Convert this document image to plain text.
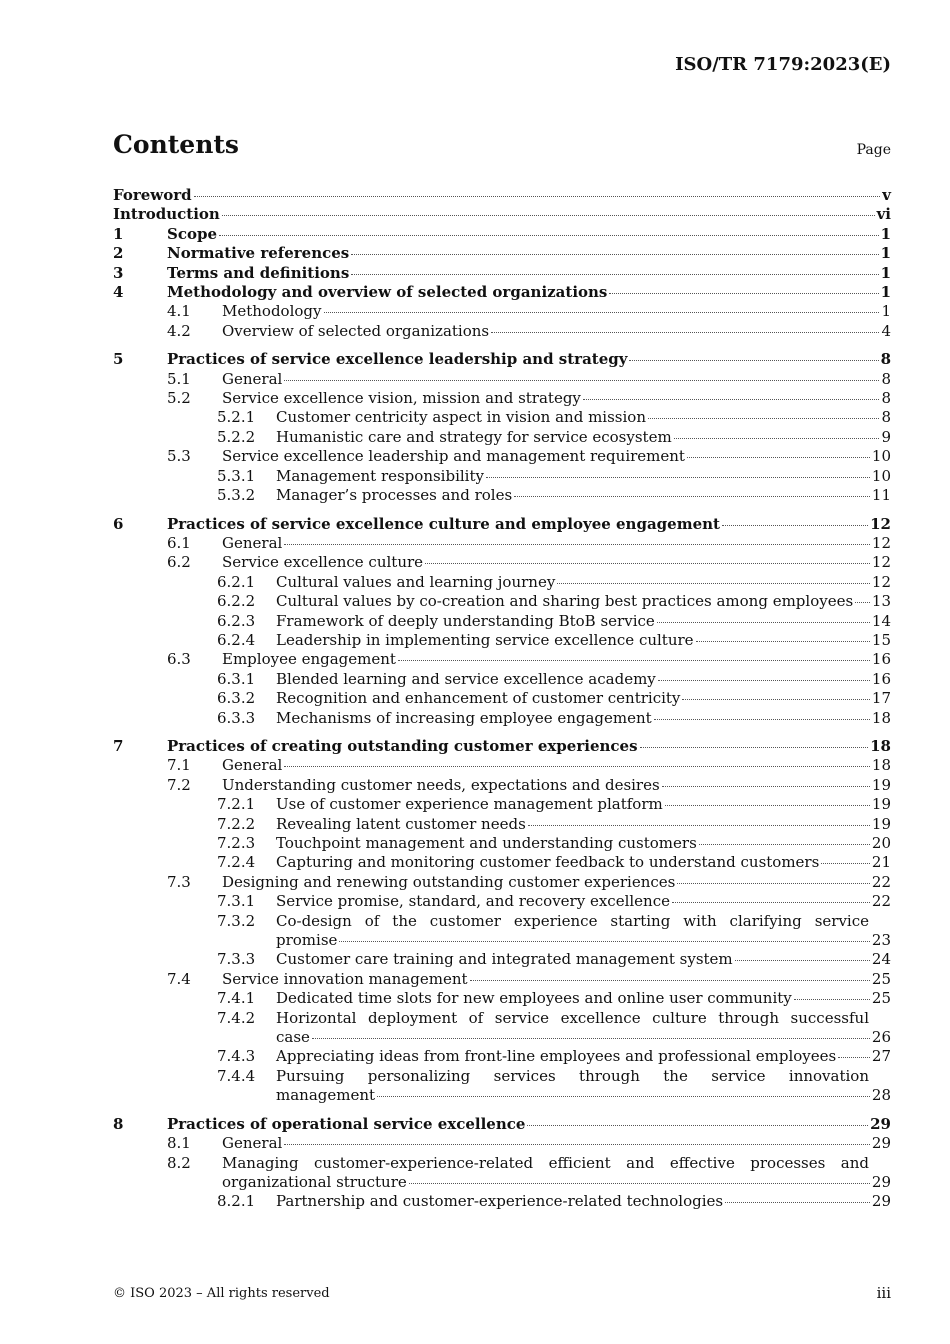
ISO/TR 7179:2023(E)
Contents	Page
Foreword	v
Introduction	vi
1	Scope	1
2	Normative references	1
3	Terms and definitions	1
4	Methodology and overview of selected organizations	1
4.1 Methodology	1
4.2 Overview of selected organizations	4
5	Practices of service excellence leadership and strategy	8
5.1 General	8
5.2 Service excellence vision, mission and strategy	8
5.2.1 Customer centricity aspect in vision and mission	8
5.2.2 Humanistic care and strategy for service ecosystem	9
5.3 Service excellence leadership and management requirement	10
5.3.1 Management responsibility	10
5.3.2 Manager’s processes and roles	11
6	Practices of service excellence culture and employee engagement	12
6.1 General	12
6.2 Service excellence culture	12
6.2.1 Cultural values and learning journey	12
6.2.2 Cultural values by co-creation and sharing best practices among employees 13
6.2.3 Framework of deeply understanding BtoB service	14
6.2.4 Leadership in implementing service excellence culture	15
6.3 Employee engagement	16
6.3.1 Blended learning and service excellence academy	16
6.3.2 Recognition and enhancement of customer centricity	17
6.3.3 Mechanisms of increasing employee engagement	18
7	Practices of creating outstanding customer experiences	18
7.1 General	18
7.2 Understanding customer needs, expectations and desires	19
7.2.1 Use of customer experience management platform	19
7.2.2 Revealing latent customer needs	19
7.2.3 Touchpoint management and understanding customers	20
7.2.4 Capturing and monitoring customer feedback to understand customers	21
7.3 Designing and renewing outstanding customer experiences	22
7.3.1 Service promise, standard, and recovery excellence	22
7.3.2 Co-design of the customer experience starting with clarifying service
promise	23
7.3.3 Customer care training and integrated management system	24
7.4 Service innovation management	25
7.4.1 Dedicated time slots for new employees and online user community	25
7.4.2 Horizontal deployment of service excellence culture through successful
case	26
7.4.3 Appreciating ideas from front-line employees and professional employees 27
7.4.4 Pursuing personalizing services through the service innovation
management	28
8	Practices of operational service excellence	29
8.1 General	29
8.2 Managing customer-experience-related efficient and effective processes and
organizational structure	29
8.2.1 Partnership and customer-experience-related technologies	29
© ISO 2023 – All rights reserved	iii
